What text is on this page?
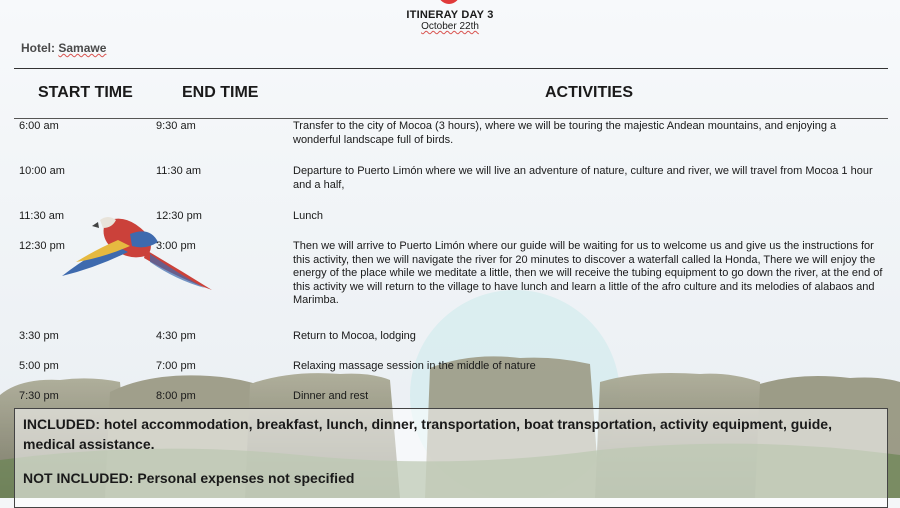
ITINERAY DAY 3
October 22th
Hotel: Samawe
START TIME	END TIME	ACTIVITIES
6:00 am	9:30 am	Transfer to the city of Mocoa (3 hours), where we will be touring the majestic Andean mountains, and enjoying a wonderful landscape full of birds.
10:00 am	11:30 am	Departure to Puerto Limón where we will live an adventure of nature, culture and river, we will travel from Mocoa 1 hour and a half,
11:30 am	12:30 pm	Lunch
12:30 pm	3:00 pm	Then we will arrive to Puerto Limón where our guide will be waiting for us to welcome us and give us the instructions for this activity, then we will navigate the river for 20 minutes to discover a waterfall called la Honda, There we will enjoy the energy of the place while we meditate a little, then we will receive the tubing equipment to go down the river, at the end of this activity we will return to the village to have lunch and learn a little of the afro culture and its melodies of alabaos and Marimba.
3:30 pm	4:30 pm	Return to Mocoa, lodging
5:00 pm	7:00 pm	Relaxing massage session in the middle of nature
7:30 pm	8:00 pm	Dinner and rest

INCLUDED: hotel accommodation, breakfast, lunch, dinner, transportation, boat transportation, activity equipment, guide, medical assistance.

NOT INCLUDED: Personal expenses not specified
